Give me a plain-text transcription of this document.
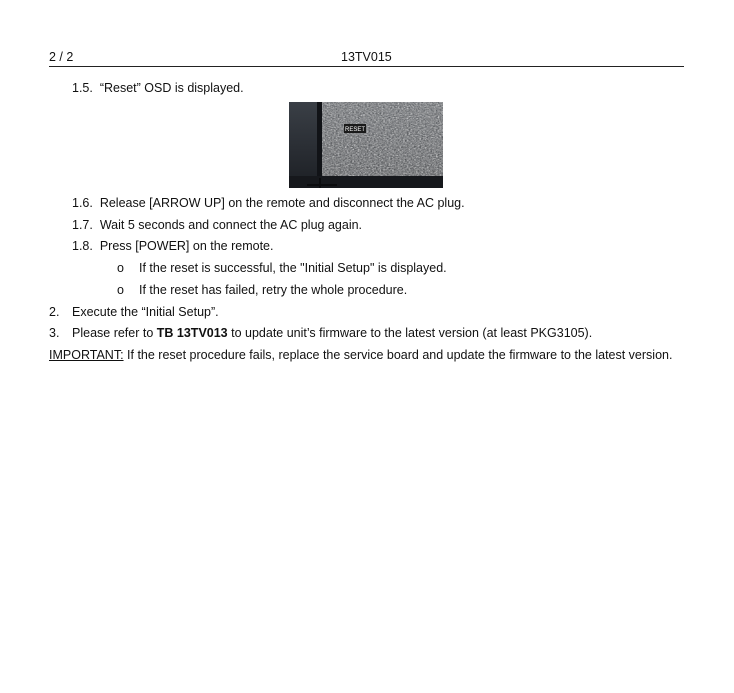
2 / 2	13TV015
1.5. “Reset” OSD is displayed.
RESET
1.6. Release [ARROW UP] on the remote and disconnect the AC plug.
1.7. Wait 5 seconds and connect the AC plug again.
1.8. Press [POWER] on the remote.
o If the reset is successful, the "Initial Setup" is displayed.
o If the reset has failed, retry the whole procedure.
2. Execute the “Initial Setup”.
3. Please refer to TB 13TV013 to update unit’s firmware to the latest version (at least PKG3105).
IMPORTANT: If the reset procedure fails, replace the service board and update the firmware to the latest version.
